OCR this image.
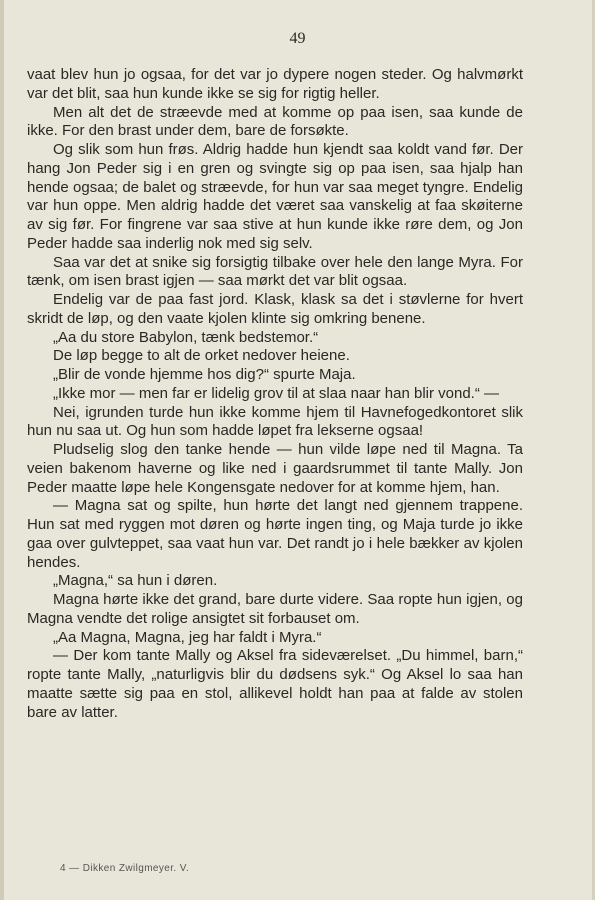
49

vaat blev hun jo ogsaa, for det var jo dypere nogen steder. Og halvmørkt var det blit, saa hun kunde ikke se sig for rigtig heller.

Men alt det de stræevde med at komme op paa isen, saa kunde de ikke. For den brast under dem, bare de forsøkte.

Og slik som hun frøs. Aldrig hadde hun kjendt saa koldt vand før. Der hang Jon Peder sig i en gren og svingte sig op paa isen, saa hjalp han hende ogsaa; de balet og stræevde, for hun var saa meget tyngre. Endelig var hun oppe. Men aldrig hadde det været saa vanskelig at faa skøiterne av sig før. For fingrene var saa stive at hun kunde ikke røre dem, og Jon Peder hadde saa inderlig nok med sig selv.

Saa var det at snike sig forsigtig tilbake over hele den lange Myra. For tænk, om isen brast igjen — saa mørkt det var blit ogsaa.

Endelig var de paa fast jord. Klask, klask sa det i støvlerne for hvert skridt de løp, og den vaate kjolen klinte sig omkring benene.

„Aa du store Babylon, tænk bedstemor.“

De løp begge to alt de orket nedover heiene.

„Blir de vonde hjemme hos dig?“ spurte Maja.

„Ikke mor — men far er lidelig grov til at slaa naar han blir vond.“ —

Nei, igrunden turde hun ikke komme hjem til Havnefogedkontoret slik hun nu saa ut. Og hun som hadde løpet fra lekserne ogsaa!

Pludselig slog den tanke hende — hun vilde løpe ned til Magna. Ta veien bakenom haverne og like ned i gaardsrummet til tante Mally. Jon Peder maatte løpe hele Kongensgate nedover for at komme hjem, han.

— Magna sat og spilte, hun hørte det langt ned gjennem trappene. Hun sat med ryggen mot døren og hørte ingen ting, og Maja turde jo ikke gaa over gulvteppet, saa vaat hun var. Det randt jo i hele bækker av kjolen hendes.

„Magna,“ sa hun i døren.

Magna hørte ikke det grand, bare durte videre. Saa ropte hun igjen, og Magna vendte det rolige ansigtet sit forbauset om.

„Aa Magna, Magna, jeg har faldt i Myra.“

— Der kom tante Mally og Aksel fra sideværelset. „Du himmel, barn,“ ropte tante Mally, „naturligvis blir du dødsens syk.“ Og Aksel lo saa han maatte sætte sig paa en stol, allikevel holdt han paa at falde av stolen bare av latter.

4 — Dikken Zwilgmeyer. V.
